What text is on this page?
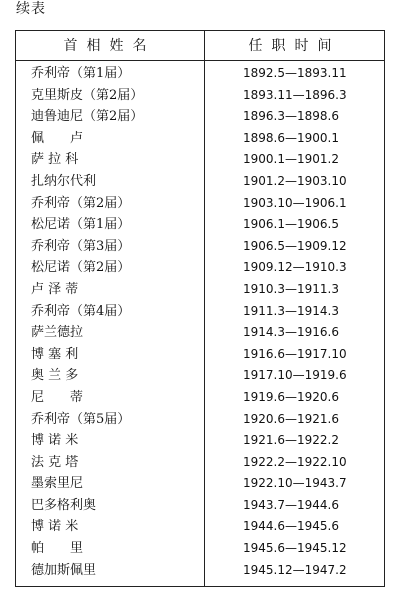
续表
首相姓名	任职时间
乔利帝（第1届）	1892.5—1893.11
克里斯皮（第2届）	1893.11—1896.3
迪鲁迪尼（第2届）	1896.3—1898.6
佩　　卢	1898.6—1900.1
萨 拉 科	1900.1—1901.2
扎纳尔代利	1901.2—1903.10
乔利帝（第2届）	1903.10—1906.1
松尼诺（第1届）	1906.1—1906.5
乔利帝（第3届）	1906.5—1909.12
松尼诺（第2届）	1909.12—1910.3
卢 泽 蒂	1910.3—1911.3
乔利帝（第4届）	1911.3—1914.3
萨兰德拉	1914.3—1916.6
博 塞 利	1916.6—1917.10
奥 兰 多	1917.10—1919.6
尼　　蒂	1919.6—1920.6
乔利帝（第5届）	1920.6—1921.6
博 诺 米	1921.6—1922.2
法 克 塔	1922.2—1922.10
墨索里尼	1922.10—1943.7
巴多格利奥	1943.7—1944.6
博 诺 米	1944.6—1945.6
帕　　里	1945.6—1945.12
德加斯佩里	1945.12—1947.2
